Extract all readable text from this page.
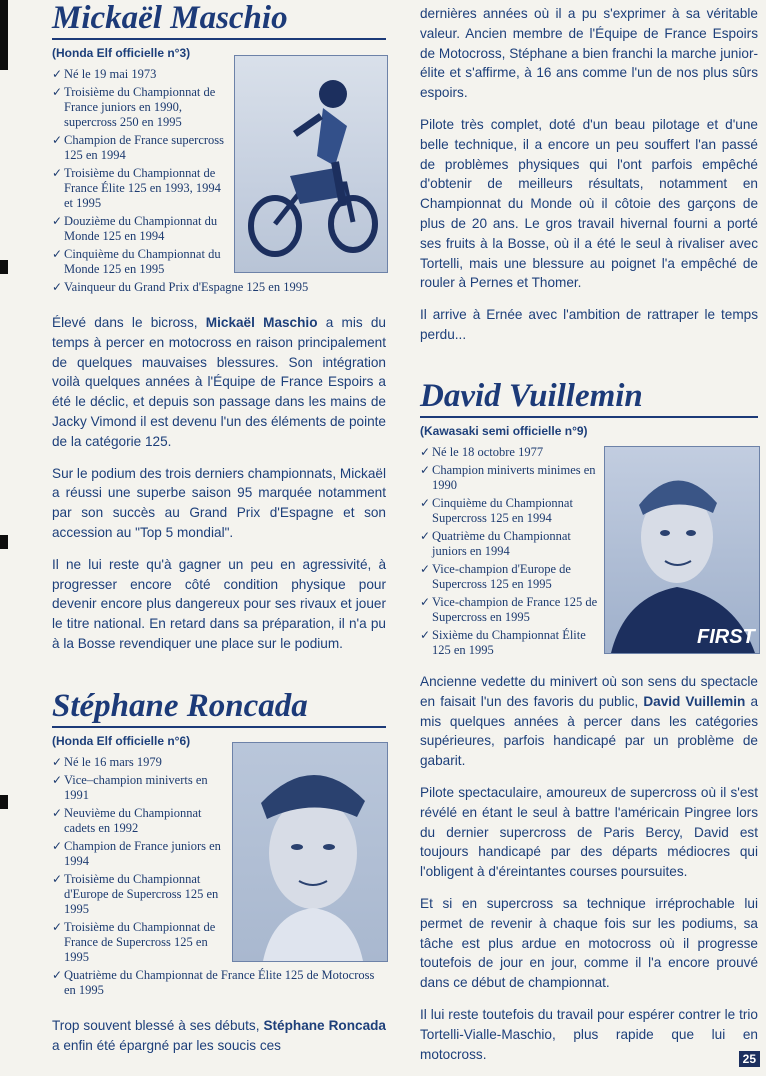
Mickaël Maschio
(Honda Elf officielle n°3)
✓ Né le 19 mai 1973
✓ Troisième du Championnat de France juniors en 1990, supercross 250 en 1995
✓ Champion de France supercross 125 en 1994
✓ Troisième du Championnat de France Élite 125 en 1993, 1994 et 1995
✓ Douzième du Championnat du Monde 125 en 1994
✓ Cinquième du Championnat du Monde 125 en 1995
✓ Vainqueur du Grand Prix d'Espagne 125 en 1995

Élevé dans le bicross, Mickaël Maschio a mis du temps à percer en motocross en raison principalement de quelques mauvaises blessures. Son intégration voilà quelques années à l'Équipe de France Espoirs a été le déclic, et depuis son passage dans les mains de Jacky Vimond il est devenu l'un des éléments de pointe de la catégorie 125.

Sur le podium des trois derniers championnats, Mickaël a réussi une superbe saison 95 marquée notamment par son succès au Grand Prix d'Espagne et son accession au "Top 5 mondial".

Il ne lui reste qu'à gagner un peu en agressivité, à progresser encore côté condition physique pour devenir encore plus dangereux pour ses rivaux et jouer le titre national. En retard dans sa préparation, il n'a pu à la Bosse revendiquer une place sur le podium.

Stéphane Roncada
(Honda Elf officielle n°6)
✓ Né le 16 mars 1979
✓ Vice–champion miniverts en 1991
✓ Neuvième du Championnat cadets en 1992
✓ Champion de France juniors en 1994
✓ Troisième du Championnat d'Europe de Supercross 125 en 1995
✓ Troisième du Championnat de France de Supercross 125 en 1995
✓ Quatrième du Championnat de France Élite 125 de Motocross en 1995

Trop souvent blessé à ses débuts, Stéphane Roncada a enfin été épargné par les soucis ces

dernières années où il a pu s'exprimer à sa véritable valeur. Ancien membre de l'Équipe de France Espoirs de Motocross, Stéphane a bien franchi la marche junior-élite et s'affirme, à 16 ans comme l'un de nos plus sûrs espoirs.

Pilote très complet, doté d'un beau pilotage et d'une belle technique, il a encore un peu souffert l'an passé de problèmes physiques qui l'ont parfois empêché d'obtenir de meilleurs résultats, notamment en Championnat du Monde où il côtoie des garçons de plus de 20 ans. Le gros travail hivernal fourni a porté ses fruits à la Bosse, où il a été le seul à rivaliser avec Tortelli, mais une blessure au poignet l'a empêché de rouler à Pernes et Thomer.

Il arrive à Ernée avec l'ambition de rattraper le temps perdu...

David Vuillemin
(Kawasaki semi officielle n°9)
✓ Né le 18 octobre 1977
✓ Champion miniverts minimes en 1990
✓ Cinquième du Championnat Supercross 125 en 1994
✓ Quatrième du Championnat juniors en 1994
✓ Vice-champion d'Europe de Supercross 125 en 1995
✓ Vice-champion de France 125 de Supercross en 1995
✓ Sixième du Championnat Élite 125 en 1995

Ancienne vedette du minivert où son sens du spectacle en faisait l'un des favoris du public, David Vuillemin a mis quelques années à percer dans les catégories supérieures, parfois handicapé par un problème de gabarit.

Pilote spectaculaire, amoureux de supercross où il s'est révélé en étant le seul à battre l'américain Pingree lors du dernier supercross de Paris Bercy, David est toujours handicapé par des départs médiocres qui l'obligent à d'éreintantes courses poursuites.

Et si en supercross sa technique irréprochable lui permet de revenir à chaque fois sur les podiums, sa tâche est plus ardue en motocross où il progresse toutefois de jour en jour, comme il l'a encore prouvé dans ce début de championnat.

Il lui reste toutefois du travail pour espérer contrer le trio Tortelli-Vialle-Maschio, plus rapide que lui en motocross.

FIRST
25
